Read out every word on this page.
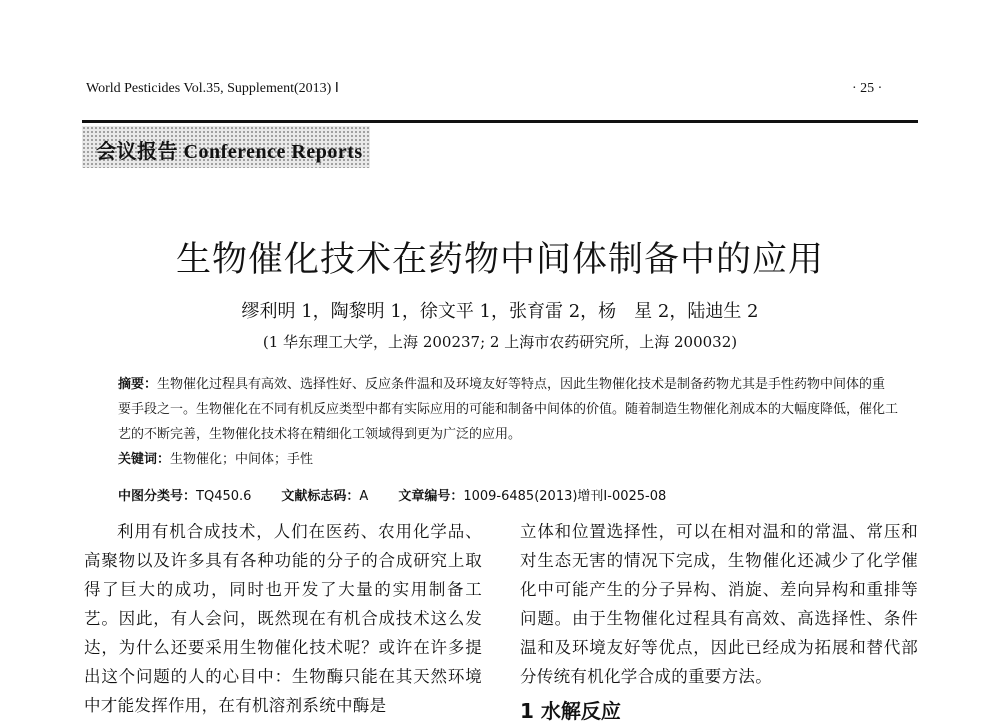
World Pesticides Vol.35, Supplement(2013) Ⅰ	· 25 ·
会议报告 Conference Reports
生物催化技术在药物中间体制备中的应用
缪利明 1，陶黎明 1，徐文平 1，张育雷 2，杨　星 2，陆迪生 2
(1 华东理工大学，上海 200237; 2 上海市农药研究所，上海 200032)
摘要：生物催化过程具有高效、选择性好、反应条件温和及环境友好等特点，因此生物催化技术是制备药物尤其是手性药物中间体的重要手段之一。生物催化在不同有机反应类型中都有实际应用的可能和制备中间体的价值。随着制造生物催化剂成本的大幅度降低，催化工艺的不断完善，生物催化技术将在精细化工领域得到更为广泛的应用。
关键词：生物催化；中间体；手性
中图分类号：TQ450.6 文献标志码：A 文章编号：1009-6485(2013)增刊Ⅰ-0025-08

利用有机合成技术，人们在医药、农用化学品、高聚物以及许多具有各种功能的分子的合成研究上取得了巨大的成功，同时也开发了大量的实用制备工艺。因此，有人会问，既然现在有机合成技术这么发达，为什么还要采用生物催化技术呢？或许在许多提出这个问题的人的心目中：生物酶只能在其天然环境中才能发挥作用，在有机溶剂系统中酶是

立体和位置选择性，可以在相对温和的常温、常压和对生态无害的情况下完成，生物催化还减少了化学催化中可能产生的分子异构、消旋、差向异构和重排等问题。由于生物催化过程具有高效、高选择性、条件温和及环境友好等优点，因此已经成为拓展和替代部分传统有机化学合成的重要方法。

1 水解反应
